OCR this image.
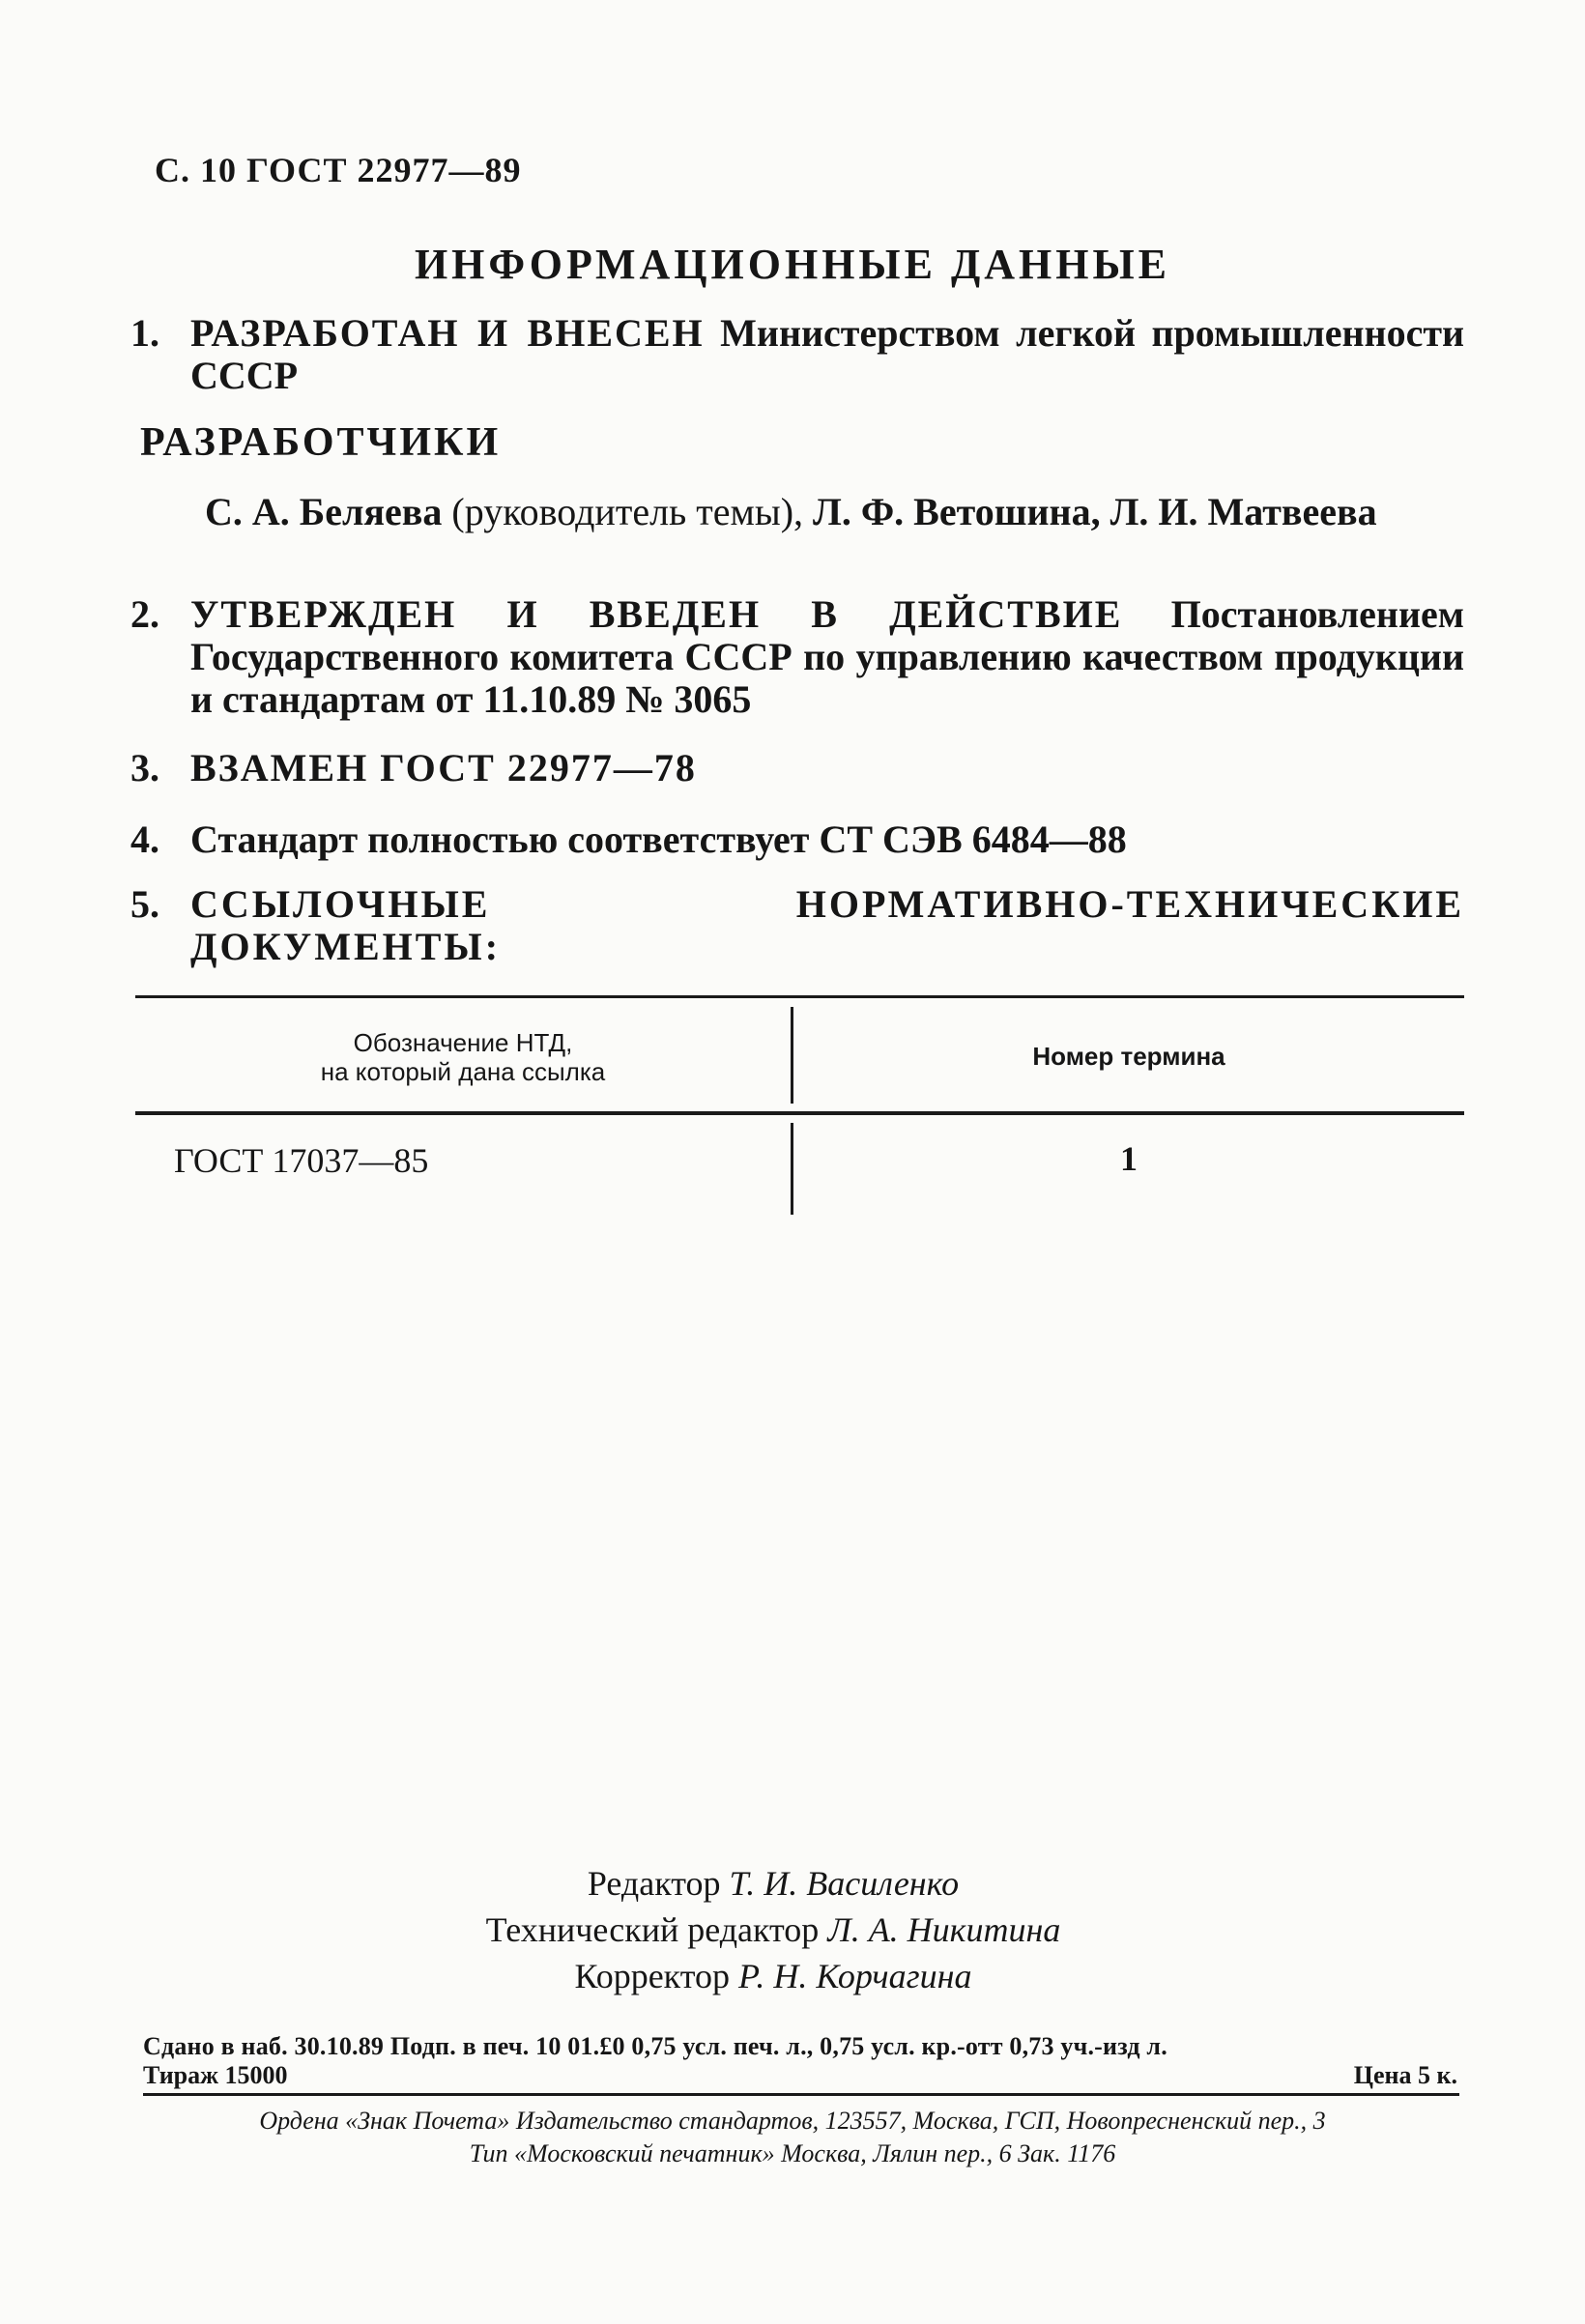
С. 10 ГОСТ 22977—89
ИНФОРМАЦИОННЫЕ ДАННЫЕ
1. РАЗРАБОТАН И ВНЕСЕН Министерством легкой промышленности СССР
РАЗРАБОТЧИКИ
С. А. Беляева (руководитель темы), Л. Ф. Ветошина, Л. И. Матвеева
2. УТВЕРЖДЕН И ВВЕДЕН В ДЕЙСТВИЕ Постановлением Государственного комитета СССР по управлению качеством продукции и стандартам от 11.10.89 № 3065
3. ВЗАМЕН ГОСТ 22977—78
4. Стандарт полностью соответствует СТ СЭВ 6484—88
5. ССЫЛОЧНЫЕ НОРМАТИВНО-ТЕХНИЧЕСКИЕ ДОКУМЕНТЫ:
Обозначение НТД,
на который дана ссылка
Номер термина
ГОСТ 17037—85	1
Редактор Т. И. Василенко
Технический редактор Л. А. Никитина
Корректор Р. Н. Корчагина
Сдано в наб. 30.10.89 Подп. в печ. 10 01.£0 0,75 усл. печ. л., 0,75 усл. кр.-отт 0,73 уч.-изд л.
Тираж 15000	Цена 5 к.
Ордена «Знак Почета» Издательство стандартов, 123557, Москва, ГСП, Новопресненский пер., 3
Тип «Московский печатник» Москва, Лялин пер., 6 Зак. 1176
